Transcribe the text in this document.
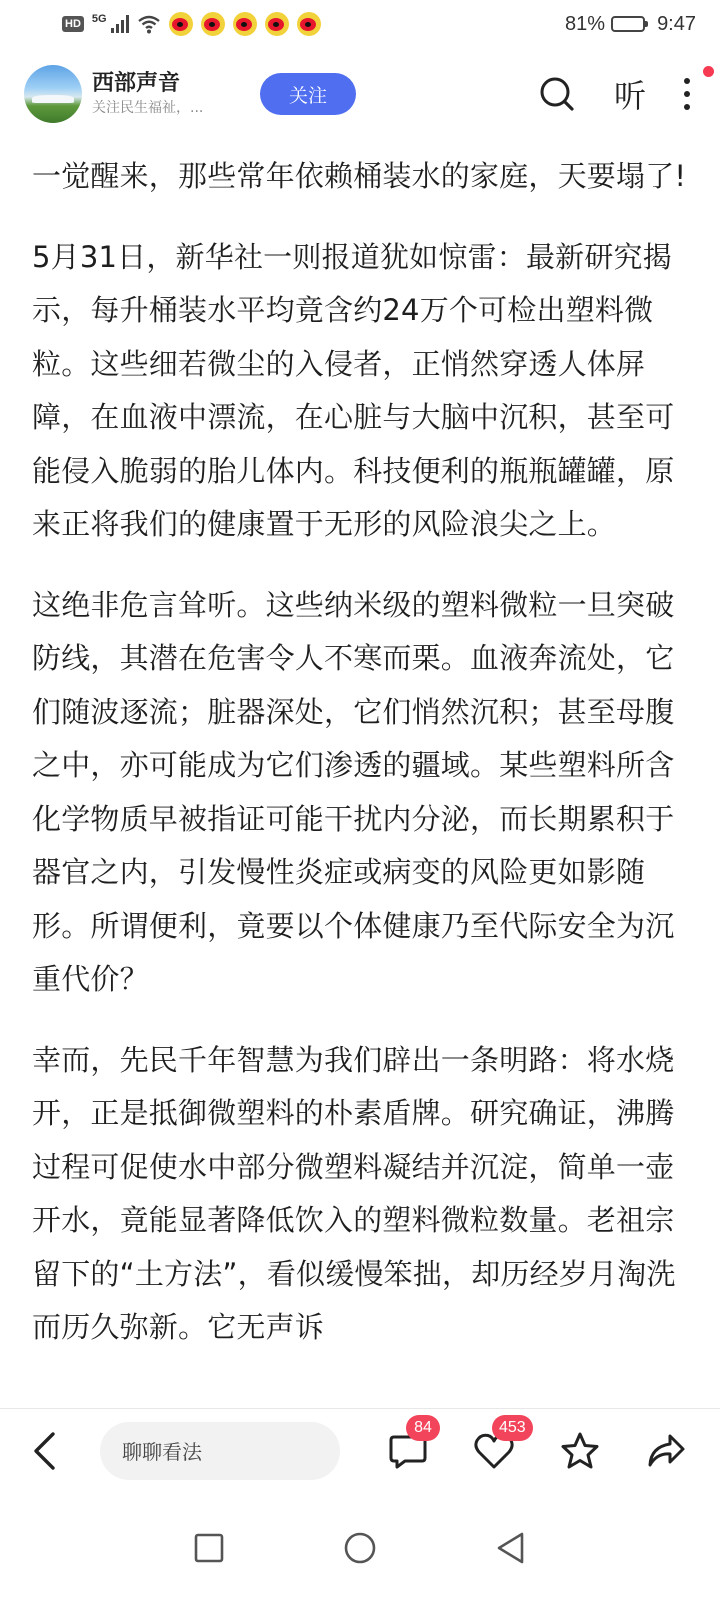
HD 5G	81%	9:47
西部声音
关注民生福祉，...
关注	听

一觉醒来，那些常年依赖桶装水的家庭，天要塌了!

5月31日，新华社一则报道犹如惊雷：最新研究揭示，每升桶装水平均竟含约24万个可检出塑料微粒。这些细若微尘的入侵者，正悄然穿透人体屏障，在血液中漂流，在心脏与大脑中沉积，甚至可能侵入脆弱的胎儿体内。科技便利的瓶瓶罐罐，原来正将我们的健康置于无形的风险浪尖之上。

这绝非危言耸听。这些纳米级的塑料微粒一旦突破防线，其潜在危害令人不寒而栗。血液奔流处，它们随波逐流；脏器深处，它们悄然沉积；甚至母腹之中，亦可能成为它们渗透的疆域。某些塑料所含化学物质早被指证可能干扰内分泌，而长期累积于器官之内，引发慢性炎症或病变的风险更如影随形。所谓便利，竟要以个体健康乃至代际安全为沉重代价？

幸而，先民千年智慧为我们辟出一条明路：将水烧开，正是抵御微塑料的朴素盾牌。研究确证，沸腾过程可促使水中部分微塑料凝结并沉淀，简单一壶开水，竟能显著降低饮入的塑料微粒数量。老祖宗留下的“土方法”，看似缓慢笨拙，却历经岁月淘洗而历久弥新。它无声诉

聊聊看法
84	453
